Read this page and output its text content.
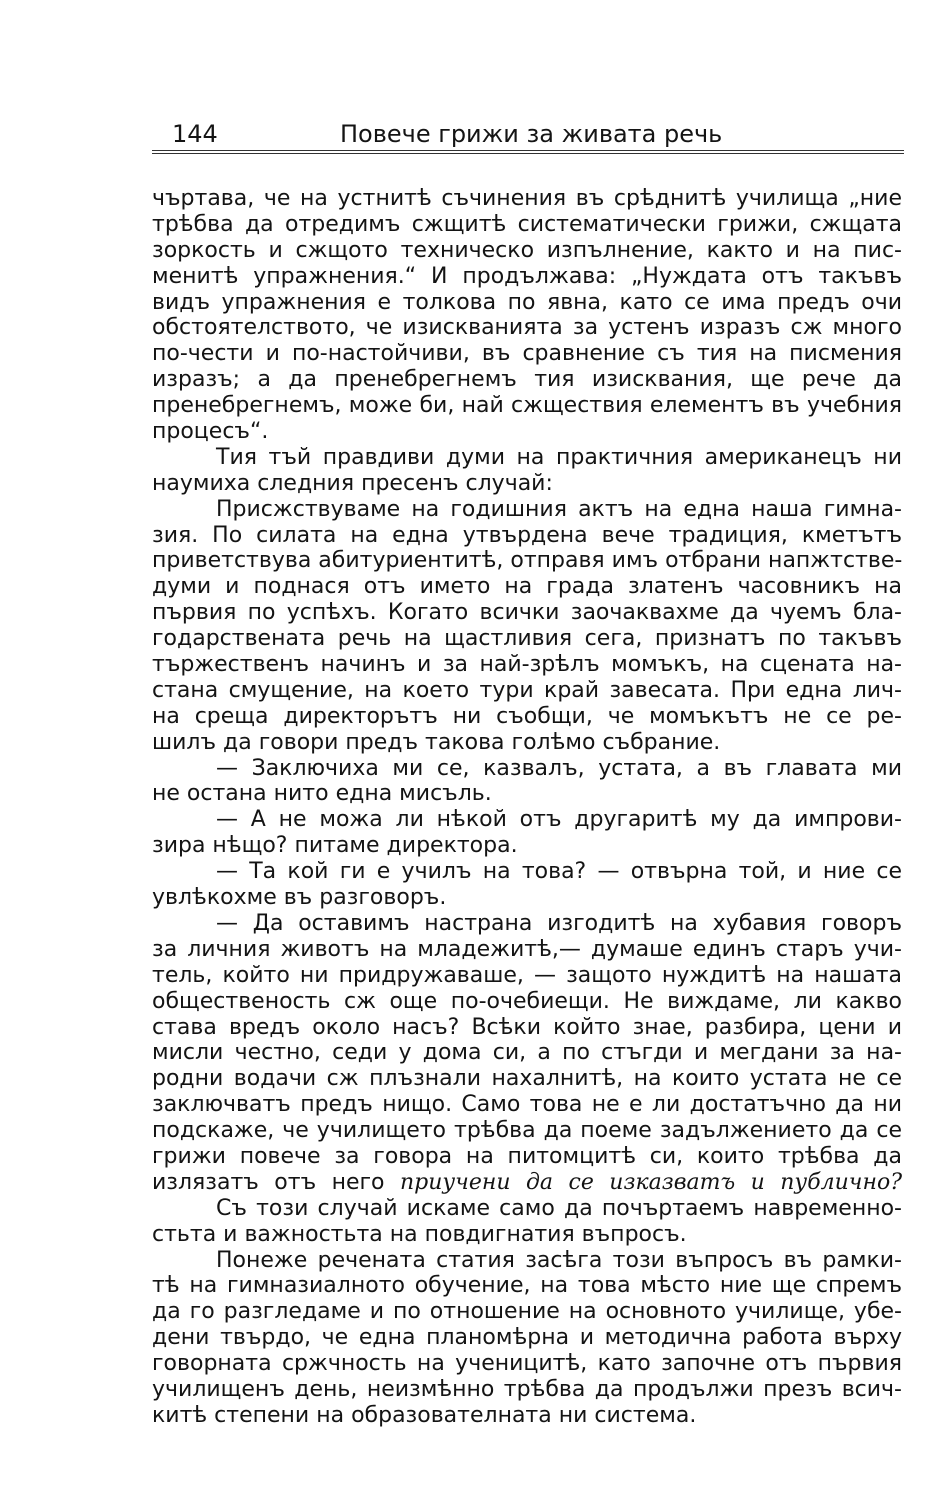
144	Повече грижи за живата речь
чъртава, че на устнитѣ съчинения въ срѣднитѣ училища „ние
трѣбва да отредимъ сжщитѣ систематически грижи, сжщата
зоркость и сжщото техническо изпълнение, както и на пис-
менитѣ упражнения.“ И продължава: „Нуждата отъ такъвъ
видъ упражнения е толкова по явна, като се има предъ очи
обстоятелството, че изискванията за устенъ изразъ сж много
по-чести и по-настойчиви, въ сравнение съ тия на писмения
изразъ; а да пренебрегнемъ тия изисквания, ще рече да
пренебрегнемъ, може би, най сжществия елементъ въ учебния
процесъ“.
Тия тъй правдиви думи на практичния американецъ ни
наумиха следния пресенъ случай:
Присжствуваме на годишния актъ на една наша гимна-
зия. По силата на една утвърдена вече традиция, кметътъ
приветствува абитуриентитѣ, отправя имъ отбрани напжтстве-
думи и поднася отъ името на града златенъ часовникъ на
първия по успѣхъ. Когато всички заочаквахме да чуемъ бла-
годарствената речь на щастливия сега, признатъ по такъвъ
тържественъ начинъ и за най-зрѣлъ момъкъ, на сцената на-
стана смущение, на което тури край завесата. При една лич-
на среща директорътъ ни съобщи, че момъкътъ не се ре-
шилъ да говори предъ такова голѣмо събрание.
— Заключиха ми се, казвалъ, устата, а въ главата ми
не остана нито една мисъль.
— А не можа ли нѣкой отъ другаритѣ му да импрови-
зира нѣщо? питаме директора.
— Та кой ги е училъ на това? — отвърна той, и ние се
увлѣкохме въ разговоръ.
— Да оставимъ настрана изгодитѣ на хубавия говоръ
за личния животъ на младежитѣ,— думаше единъ старъ учи-
тель, който ни придружаваше, — защото нуждитѣ на нашата
общественость сж още по-очебиещи. Не виждаме, ли какво
става вредъ около насъ? Всѣки който знае, разбира, цени и
мисли честно, седи у дома си, а по стъгди и мегдани за на-
родни водачи сж плъзнали нахалнитѣ, на които устата не се
заключватъ предъ нищо. Само това не е ли достатъчно да ни
подскаже, че училището трѣбва да поеме задължението да се
грижи повече за говора на питомцитѣ си, които трѣбва да
излязатъ отъ него приучени да се изказватъ и публично?
Съ този случай искаме само да почъртаемъ навременно-
стьта и важностьта на повдигнатия въпросъ.
Понеже речената статия засѣга този въпросъ въ рамки-
тѣ на гимназиалното обучение, на това мѣсто ние ще спремъ
да го разгледаме и по отношение на основното училище, убе-
дени твърдо, че една планомѣрна и методична работа върху
говорната сржчность на ученицитѣ, като започне отъ първия
училищенъ день, неизмѣнно трѣбва да продължи презъ всич-
китѣ степени на образователната ни система.
